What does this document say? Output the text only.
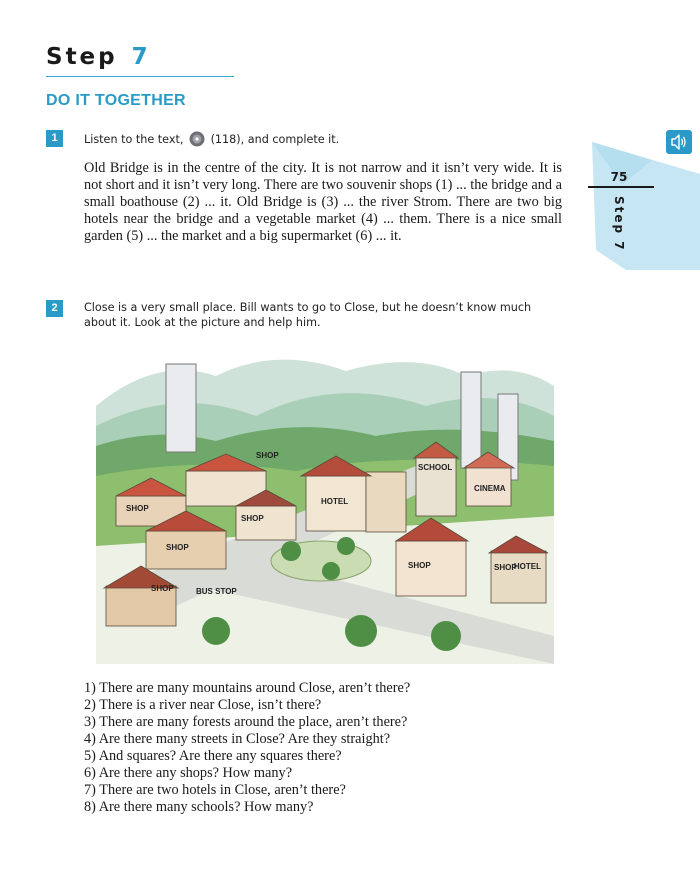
Step 7
DO IT TOGETHER
75
Step 7
1	Listen to the text, (118), and complete it.
Old Bridge is in the centre of the city. It is not narrow and it isn’t very wide. It is not short and it isn’t very long. There are two souvenir shops (1) ... the bridge and a small boathouse (2) ... it. Old Bridge is (3) ... the river Strom. There are two big hotels near the bridge and a vegetable market (4) ... them. There is a nice small garden (5) ... the market and a big supermarket (6) ... it.
2	Close is a very small place. Bill wants to go to Close, but he doesn’t know much about it. Look at the picture and help him.
HOTEL
HOTEL
SCHOOL
CINEMA
SHOP
SHOP
SHOP
SHOP
SHOP
SHOP
SHOP	BUS STOP
1) There are many mountains around Close, aren’t there?
2) There is a river near Close, isn’t there?
3) There are many forests around the place, aren’t there?
4) Are there many streets in Close? Are they straight?
5) And squares? Are there any squares there?
6) Are there any shops? How many?
7) There are two hotels in Close, aren’t there?
8) Are there many schools? How many?
